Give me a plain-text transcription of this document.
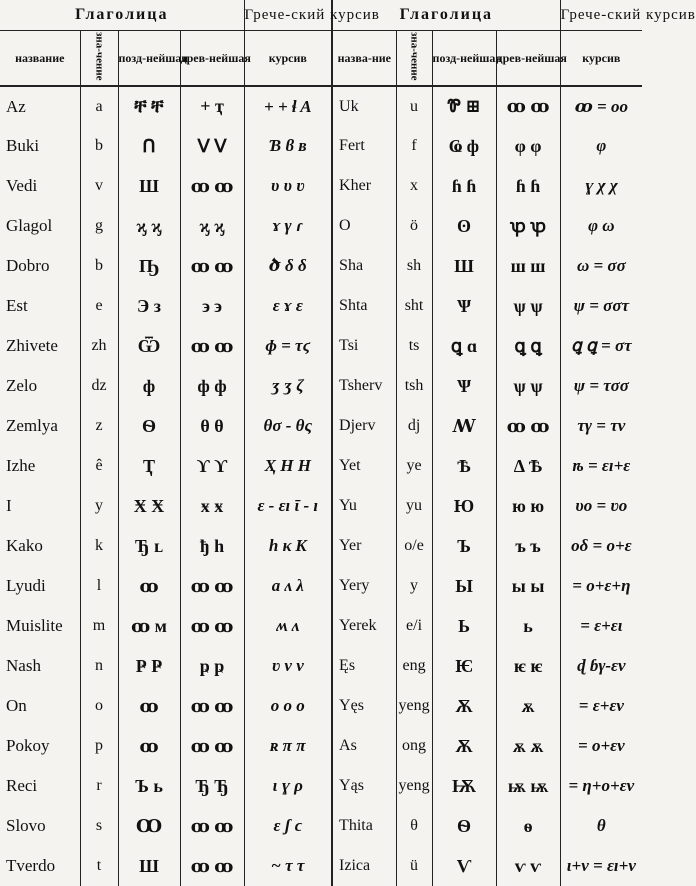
Глаголица				Грече-ский курсив	Глаголица				Грече-ский курсив
название	зна-чение	позд-нейшая	древ-нейшая	курсив	назва-ние	зна-чение	позд-нейшая	древ-нейшая	курсив
Az	a	ቸ ቸ	+ ҭ	+ + ɬ A	Uk	u	Ꮘ ⊞	ꝏ ꝏ	ꝏ = oo
Buki	b	ꓵ	ⴸ ⴸ	Ɓ ϐ ʙ	Fert	f	Ҩ ф	φ φ	φ
Vedi	v	Ш	ꝏ ꝏ	υ υ ʋ	Kher	x	ɦ ɦ	ɦ ɦ	ɣ χ χ
Glagol	g	ϗ ϗ	ϗ ϗ	ɤ γ ɾ	O	ö	ʘ	ꝕ ꝕ	φ ω
Dobro	b	Ҧ	ꝏ ꝏ	ծ δ δ	Sha	sh	Ш	ш ш	ω = σσ
Est	e	Э з	϶ ϶	ɛ ɤ ɛ	Shta	sht	Ѱ	ѱ ѱ	ѱ = σστ
Zhivete	zh	Ѿ	ꝏ ꝏ	ɸ = τϛ	Tsi	ts	ꝗ ɑ	ꝗ ꝗ	ꝗ ꝗ = στ
Zelo	dz	ф	ф ф	ʒ ʒ ζ	Tsherv	tsh	Ѱ	ѱ ѱ	ѱ = τσσ
Zemlya	z	Ѳ	θ θ	θσ - θς	Djerv	dj	ꟿ	ꝏ ꝏ	τγ = τν
Izhe	ê	Ҭ	ϒ ϒ	Ҳ Η Η	Yet	ye	Ѣ	Δ Ѣ	ѣ = εı+ε
I	y	Ӿ Ӿ	ӿ ӿ	ɛ - ɛı ῑ - ı	Yu	yu	Ю	ю ю	υο = ʋο
Kako	k	Ђ ʟ	ђ h	h ᴋ Κ	Yer	o/e	Ъ	ъ ъ	οδ = ο+ε
Lyudi	l	ꝏ	ꝏ ꝏ	ɑ ʌ λ	Yery	y	Ы	ы ы	= ο+ε+η
Muislite	m	ꝏ м	ꝏ ꝏ	ʍ ʌ	Yerek	e/i	Ь	ь	= ε+ει
Nash	n	Ҏ Ҏ	ҏ ҏ	ʋ ν ν	Ęs	eng	Ѥ	ѥ ѥ	ɖ ɓγ-ɛν
On	o	ꝏ	ꝏ ꝏ	ο ο ο	Yęs	yeng	Ѫ	ѫ	= ɛ+ɛν
Pokoy	p	ꝏ	ꝏ ꝏ	ʀ π π	As	ong	Ѫ	ѫ ѫ	= ο+ɛν
Reci	r	Ъ ь	Ђ Ђ	ɩ ɣ ρ	Yąs	yeng	Ѭ	ѭ ѭ	= η+ο+ɛν
Slovo	s	Ꝏ	ꝏ ꝏ	ɛ ʃ ϲ	Thita	θ	Ѳ	ѳ	θ
Tverdo	t	Ш	ꝏ ꝏ	~ τ τ	Izica	ü	Ѵ	ѵ ѵ	ɩ+ν = ɛı+ν
